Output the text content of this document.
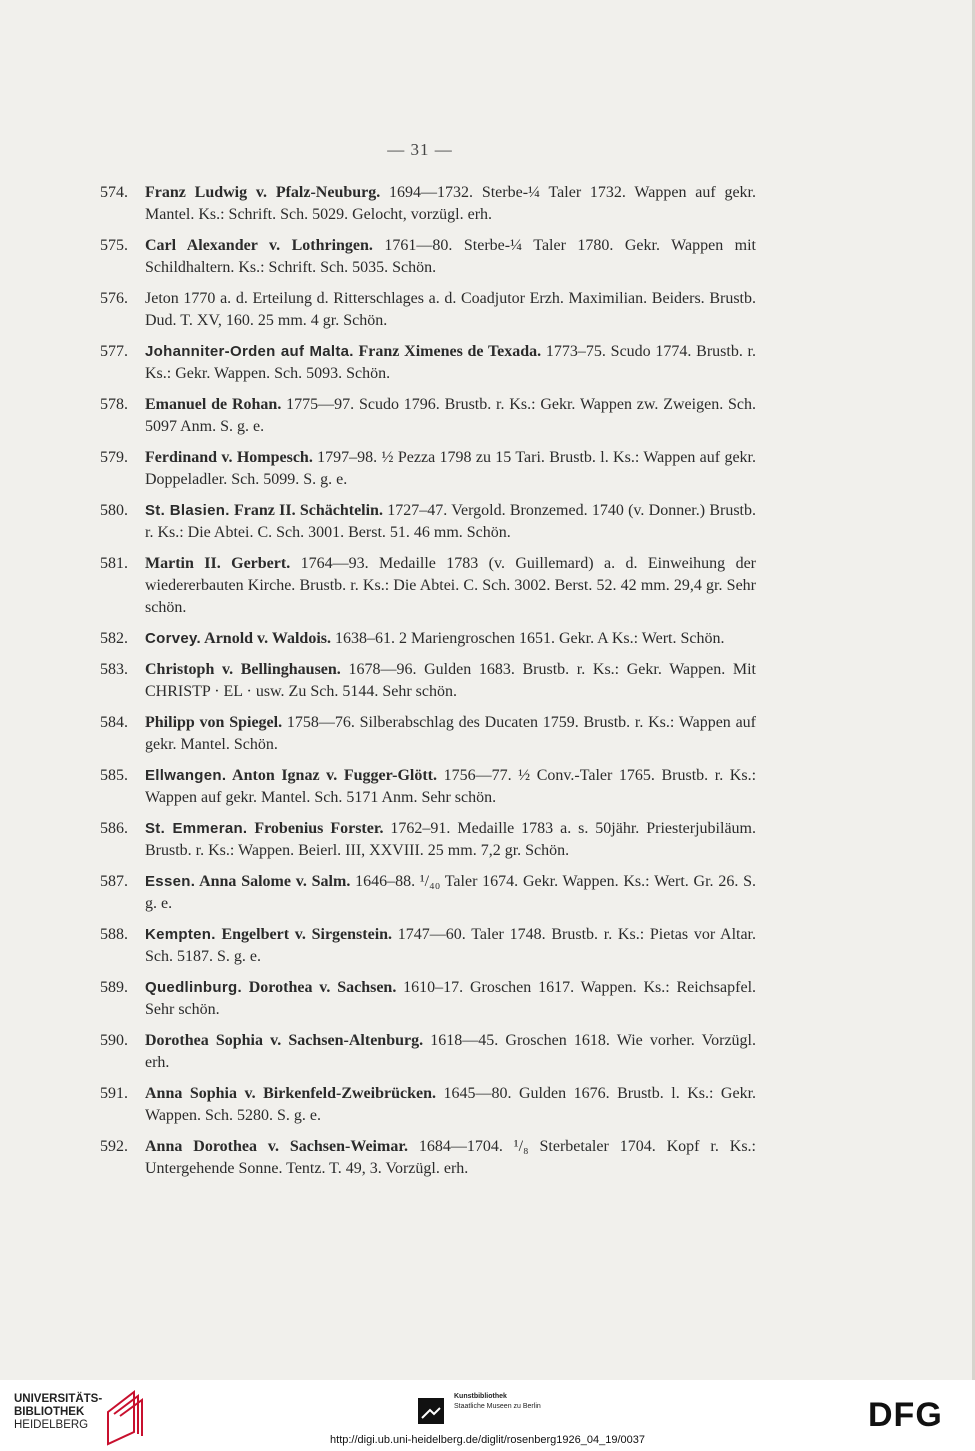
— 31 —
574.	Franz Ludwig v. Pfalz-Neuburg. 1694—1732. Sterbe-¼ Taler 1732. Wappen auf gekr. Mantel. Ks.: Schrift. Sch. 5029. Gelocht, vorzügl. erh.
575.	Carl Alexander v. Lothringen. 1761—80. Sterbe-¼ Taler 1780. Gekr. Wappen mit Schildhaltern. Ks.: Schrift. Sch. 5035. Schön.
576.	Jeton 1770 a. d. Erteilung d. Ritterschlages a. d. Coadjutor Erzh. Maximilian. Beiders. Brustb. Dud. T. XV, 160. 25 mm. 4 gr. Schön.
577.	Johanniter-Orden auf Malta. Franz Ximenes de Texada. 1773–75. Scudo 1774. Brustb. r. Ks.: Gekr. Wappen. Sch. 5093. Schön.
578.	Emanuel de Rohan. 1775—97. Scudo 1796. Brustb. r. Ks.: Gekr. Wappen zw. Zweigen. Sch. 5097 Anm. S. g. e.
579.	Ferdinand v. Hompesch. 1797–98. ½ Pezza 1798 zu 15 Tari. Brustb. l. Ks.: Wappen auf gekr. Doppeladler. Sch. 5099. S. g. e.
580.	St. Blasien. Franz II. Schächtelin. 1727–47. Vergold. Bronzemed. 1740 (v. Donner.) Brustb. r. Ks.: Die Abtei. C. Sch. 3001. Berst. 51. 46 mm. Schön.
581.	Martin II. Gerbert. 1764—93. Medaille 1783 (v. Guillemard) a. d. Einweihung der wiedererbauten Kirche. Brustb. r. Ks.: Die Abtei. C. Sch. 3002. Berst. 52. 42 mm. 29,4 gr. Sehr schön.
582.	Corvey. Arnold v. Waldois. 1638–61. 2 Mariengroschen 1651. Gekr. A Ks.: Wert. Schön.
583.	Christoph v. Bellinghausen. 1678—96. Gulden 1683. Brustb. r. Ks.: Gekr. Wappen. Mit CHRISTP · EL · usw. Zu Sch. 5144. Sehr schön.
584.	Philipp von Spiegel. 1758—76. Silberabschlag des Ducaten 1759. Brustb. r. Ks.: Wappen auf gekr. Mantel. Schön.
585.	Ellwangen. Anton Ignaz v. Fugger-Glött. 1756—77. ½ Conv.-Taler 1765. Brustb. r. Ks.: Wappen auf gekr. Mantel. Sch. 5171 Anm. Sehr schön.
586.	St. Emmeran. Frobenius Forster. 1762–91. Medaille 1783 a. s. 50jähr. Priesterjubiläum. Brustb. r. Ks.: Wappen. Beierl. III, XXVIII. 25 mm. 7,2 gr. Schön.
587.	Essen. Anna Salome v. Salm. 1646–88. ¹/₄₀ Taler 1674. Gekr. Wappen. Ks.: Wert. Gr. 26. S. g. e.
588.	Kempten. Engelbert v. Sirgenstein. 1747—60. Taler 1748. Brustb. r. Ks.: Pietas vor Altar. Sch. 5187. S. g. e.
589.	Quedlinburg. Dorothea v. Sachsen. 1610–17. Groschen 1617. Wappen. Ks.: Reichsapfel. Sehr schön.
590.	Dorothea Sophia v. Sachsen-Altenburg. 1618—45. Groschen 1618. Wie vorher. Vorzügl. erh.
591.	Anna Sophia v. Birkenfeld-Zweibrücken. 1645—80. Gulden 1676. Brustb. l. Ks.: Gekr. Wappen. Sch. 5280. S. g. e.
592.	Anna Dorothea v. Sachsen-Weimar. 1684—1704. ¹/₈ Sterbetaler 1704. Kopf r. Ks.: Untergehende Sonne. Tentz. T. 49, 3. Vorzügl. erh.
UNIVERSITÄTS-
BIBLIOTHEK
HEIDELBERG
Kunstbibliothek
Staatliche Museen zu Berlin	DFG
http://digi.ub.uni-heidelberg.de/diglit/rosenberg1926_04_19/0037
